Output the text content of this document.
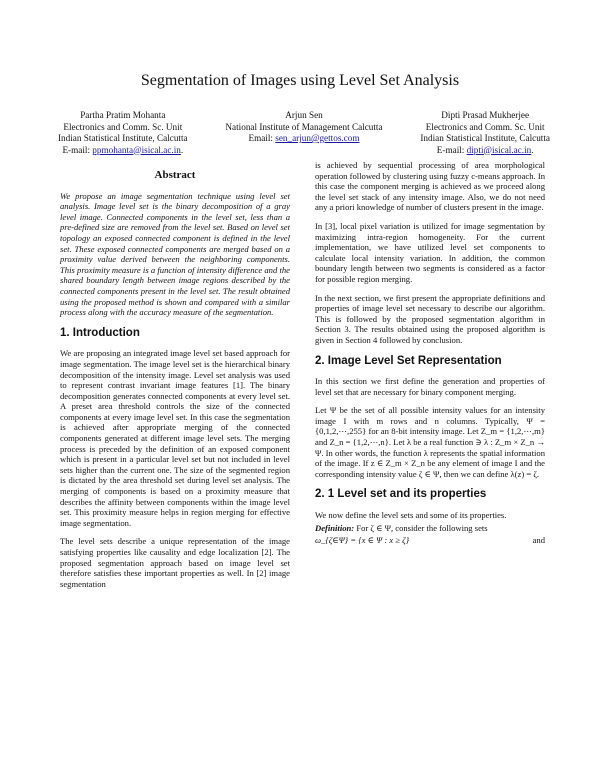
Segmentation of Images using Level Set Analysis
Partha Pratim Mohanta
Electronics and Comm. Sc. Unit
Indian Statistical Institute, Calcutta
E-mail: ppmohanta@isical.ac.in.
Arjun Sen
National Institute of Management Calcutta
Email: sen_arjun@gettos.com
Dipti Prasad Mukherjee
Electronics and Comm. Sc. Unit
Indian Statistical Institute, Calcutta
E-mail: dipti@isical.ac.in.
Abstract

We propose an image segmentation technique using level set analysis. Image level set is the binary decomposition of a gray level image. Connected components in the level set, less than a pre-defined size are removed from the level set. Based on level set topology an exposed connected component is defined in the level set. These exposed connected components are merged based on a proximity value derived between the neighboring components. This proximity measure is a function of intensity difference and the shared boundary length between image regions described by the connected components present in the level set. The result obtained using the proposed method is shown and compared with a similar process along with the accuracy measure of the segmentation.

1. Introduction

We are proposing an integrated image level set based approach for image segmentation. The image level set is the hierarchical binary decomposition of the intensity image. Level set analysis was used to represent contrast invariant image features [1]. The binary decomposition generates connected components at every level set. A preset area threshold controls the size of the connected components at every image level set. In this case the segmentation is achieved after appropriate merging of the connected components generated at different image level sets. The merging process is preceded by the definition of an exposed component which is present in a particular level set but not included in level sets higher than the current one. The size of the segmented region is dictated by the area threshold set during level set analysis. The merging of components is based on a proximity measure that describes the affinity between components within the image level set. This proximity measure helps in region merging for effective image segmentation.

The level sets describe a unique representation of the image satisfying properties like causality and edge localization [2]. The proposed segmentation approach based on image level set therefore satisfies these important properties as well. In [2] image segmentation

is achieved by sequential processing of area morphological operation followed by clustering using fuzzy c-means approach. In this case the component merging is achieved as we proceed along the level set stack of any intensity image. Also, we do not need any a priori knowledge of number of clusters present in the image.

In [3], local pixel variation is utilized for image segmentation by maximizing intra-region homogeneity. For the current implementation, we have utilized level set components to calculate local intensity variation. In addition, the common boundary length between two segments is considered as a factor for possible region merging.

In the next section, we first present the appropriate definitions and properties of image level set necessary to describe our algorithm. This is followed by the proposed segmentation algorithm in Section 3. The results obtained using the proposed algorithm is given in Section 4 followed by conclusion.

2. Image Level Set Representation

In this section we first define the generation and properties of level set that are necessary for binary component merging.

Let Ψ be the set of all possible intensity values for an intensity image I with m rows and n columns. Typically, Ψ = {0,1,2,⋯,255} for an 8-bit intensity image. Let Z_m = {1,2,⋯,m} and Z_n = {1,2,⋯,n}. Let λ be a real function ∋ λ : Z_m × Z_n → Ψ. In other words, the function λ represents the spatial information of the image. If z ∈ Z_m × Z_n be any element of image I and the corresponding intensity value ζ ∈ Ψ, then we can define λ(z) = ζ.

2. 1 Level set and its properties

We now define the level sets and some of its properties.

Definition: For ζ ∈ Ψ, consider the following sets

ω_{ζ∈Ψ} = {x ∈ Ψ : x ≥ ζ}	and
